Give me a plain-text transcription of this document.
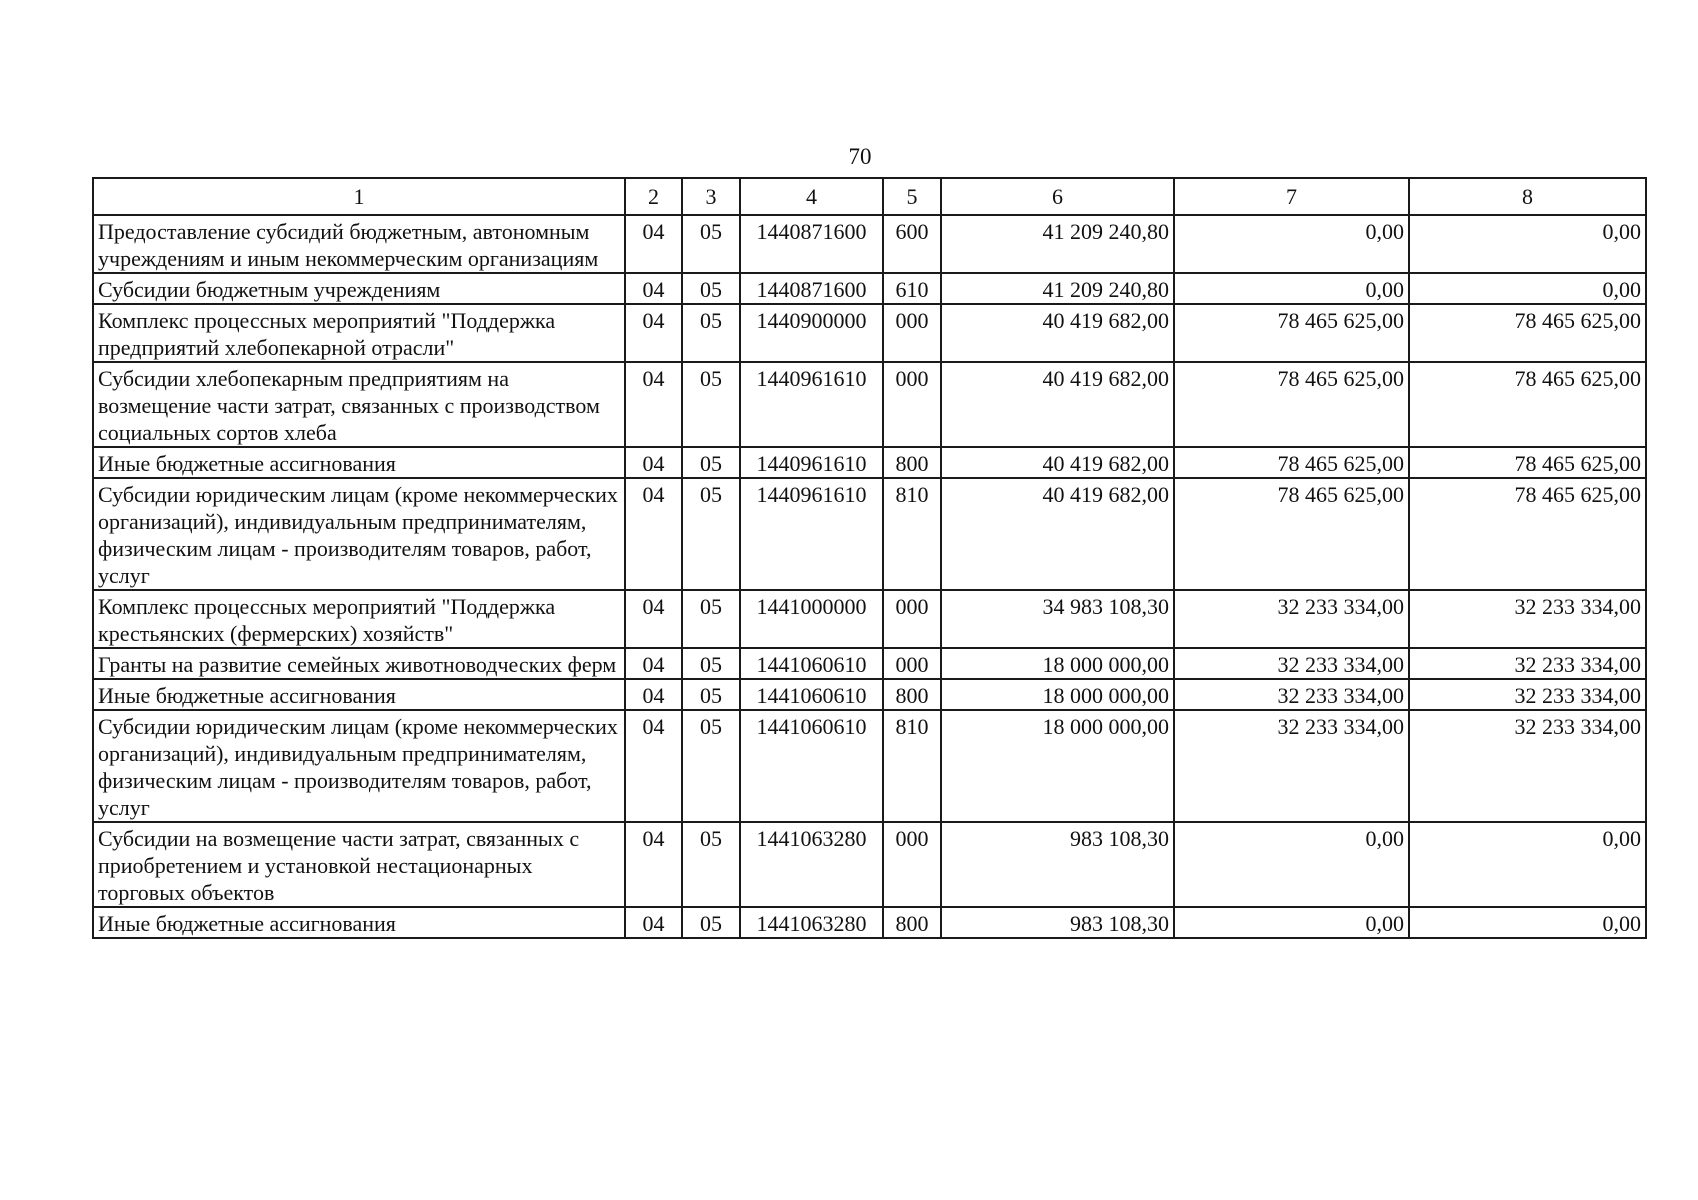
70
1	2	3	4	5	6	7	8
Предоставление субсидий бюджетным, автономным учреждениям и иным некоммерческим организациям	04	05	1440871600	600	41 209 240,80	0,00	0,00
Субсидии бюджетным учреждениям	04	05	1440871600	610	41 209 240,80	0,00	0,00
Комплекс процессных мероприятий "Поддержка предприятий хлебопекарной отрасли"	04	05	1440900000	000	40 419 682,00	78 465 625,00	78 465 625,00
Субсидии хлебопекарным предприятиям на возмещение части затрат, связанных с производством социальных сортов хлеба	04	05	1440961610	000	40 419 682,00	78 465 625,00	78 465 625,00
Иные бюджетные ассигнования	04	05	1440961610	800	40 419 682,00	78 465 625,00	78 465 625,00
Субсидии юридическим лицам (кроме некоммерческих организаций), индивидуальным предпринимателям, физическим лицам - производителям товаров, работ, услуг	04	05	1440961610	810	40 419 682,00	78 465 625,00	78 465 625,00
Комплекс процессных мероприятий "Поддержка крестьянских (фермерских) хозяйств"	04	05	1441000000	000	34 983 108,30	32 233 334,00	32 233 334,00
Гранты на развитие семейных животноводческих ферм	04	05	1441060610	000	18 000 000,00	32 233 334,00	32 233 334,00
Иные бюджетные ассигнования	04	05	1441060610	800	18 000 000,00	32 233 334,00	32 233 334,00
Субсидии юридическим лицам (кроме некоммерческих организаций), индивидуальным предпринимателям, физическим лицам - производителям товаров, работ, услуг	04	05	1441060610	810	18 000 000,00	32 233 334,00	32 233 334,00
Субсидии на возмещение части затрат, связанных с приобретением и установкой нестационарных торговых объектов	04	05	1441063280	000	983 108,30	0,00	0,00
Иные бюджетные ассигнования	04	05	1441063280	800	983 108,30	0,00	0,00
